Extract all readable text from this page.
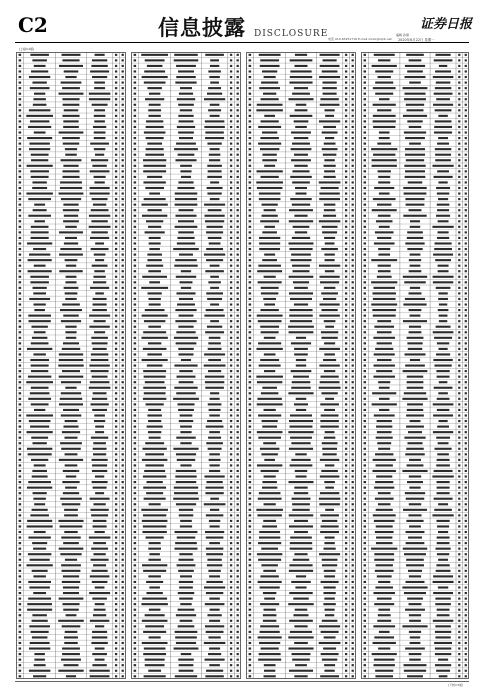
C2	信息披露 DISCLOSURE
证券日报
编辑 孙倩
电话 010-83251716 E-mail zmzx@zqrb.net 2020年6月22日 星期一
(上接C1版)
(下转C3版)
